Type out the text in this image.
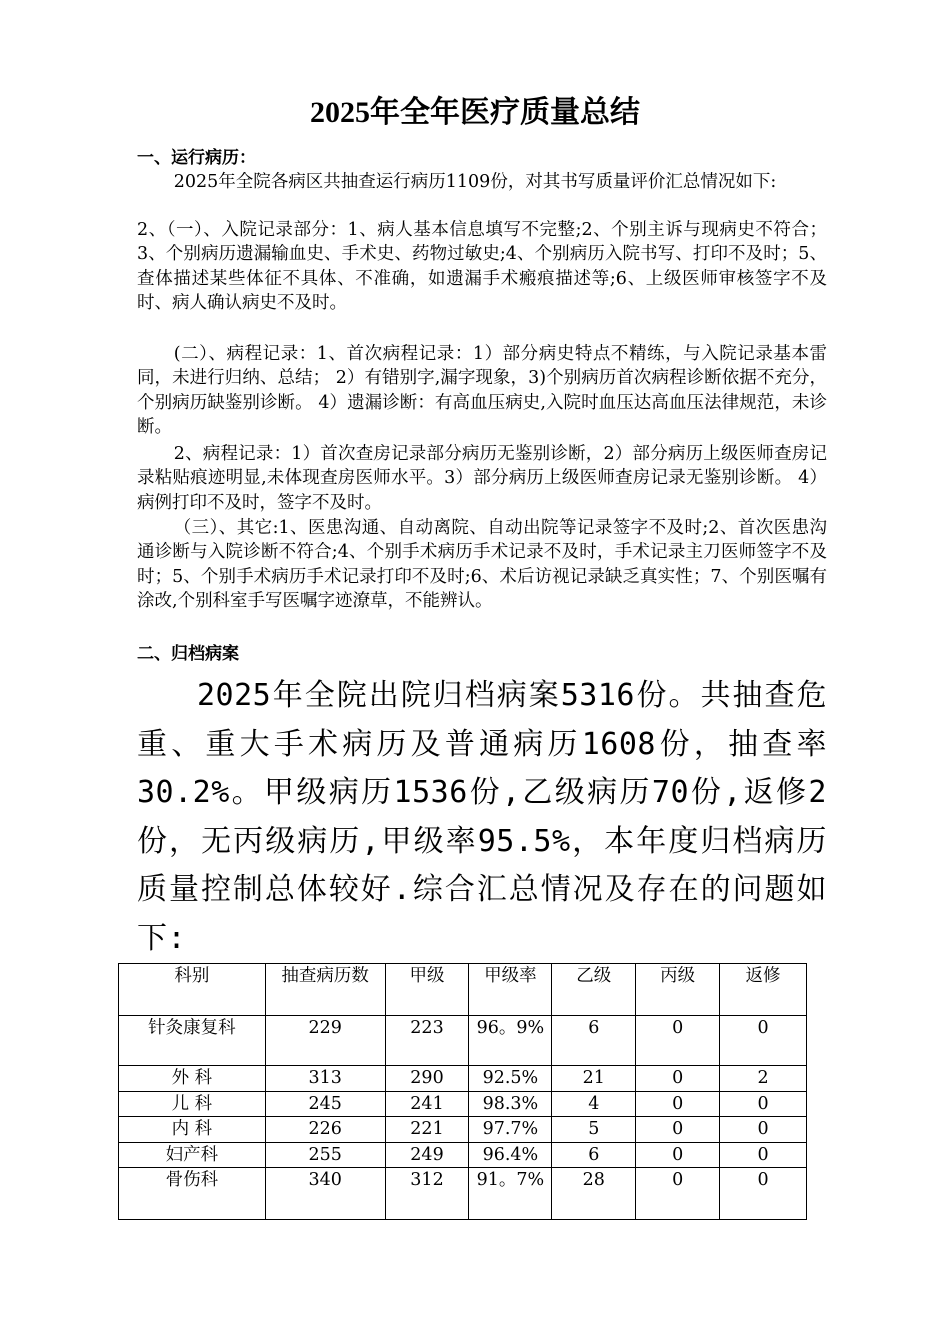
2025年全年医疗质量总结
一、运行病历：

2025年全院各病区共抽查运行病历1109份，对其书写质量评价汇总情况如下:

2、（一）、入院记录部分：1、病人基本信息填写不完整;2、个别主诉与现病史不符合；3、个别病历遗漏输血史、手术史、药物过敏史;4、个别病历入院书写、打印不及时；5、查体描述某些体征不具体、不准确，如遗漏手术瘢痕描述等;6、上级医师审核签字不及时、病人确认病史不及时。

(二）、病程记录：1、首次病程记录：1）部分病史特点不精练，与入院记录基本雷同，未进行归纳、总结； 2）有错别字,漏字现象，3)个别病历首次病程诊断依据不充分，个别病历缺鉴别诊断。 4）遗漏诊断：有高血压病史,入院时血压达高血压法律规范，未诊断。

2、病程记录：1）首次查房记录部分病历无鉴别诊断，2）部分病历上级医师查房记录粘贴痕迹明显,未体现查房医师水平。3）部分病历上级医师查房记录无鉴别诊断。 4）病例打印不及时，签字不及时。

（三）、其它:1、医患沟通、自动离院、自动出院等记录签字不及时;2、首次医患沟通诊断与入院诊断不符合;4、个别手术病历手术记录不及时，手术记录主刀医师签字不及时；5、个别手术病历手术记录打印不及时;6、术后访视记录缺乏真实性；7、个别医嘱有涂改,个别科室手写医嘱字迹潦草，不能辨认。

二、归档病案

2025年全院出院归档病案5316份。共抽查危重、重大手术病历及普通病历1608份，抽查率30.2%。甲级病历1536份,乙级病历70份,返修2份，无丙级病历,甲级率95.5%，本年度归档病历质量控制总体较好.综合汇总情况及存在的问题如下:

科别	抽查病历数	甲级	甲级率	乙级	丙级	返修
针灸康复科	229	223	96。9%	6	0	0
外 科	313	290	92.5%	21	0	2
儿 科	245	241	98.3%	4	0	0
内 科	226	221	97.7%	5	0	0
妇产科	255	249	96.4%	6	0	0
骨伤科	340	312	91。7%	28	0	0
